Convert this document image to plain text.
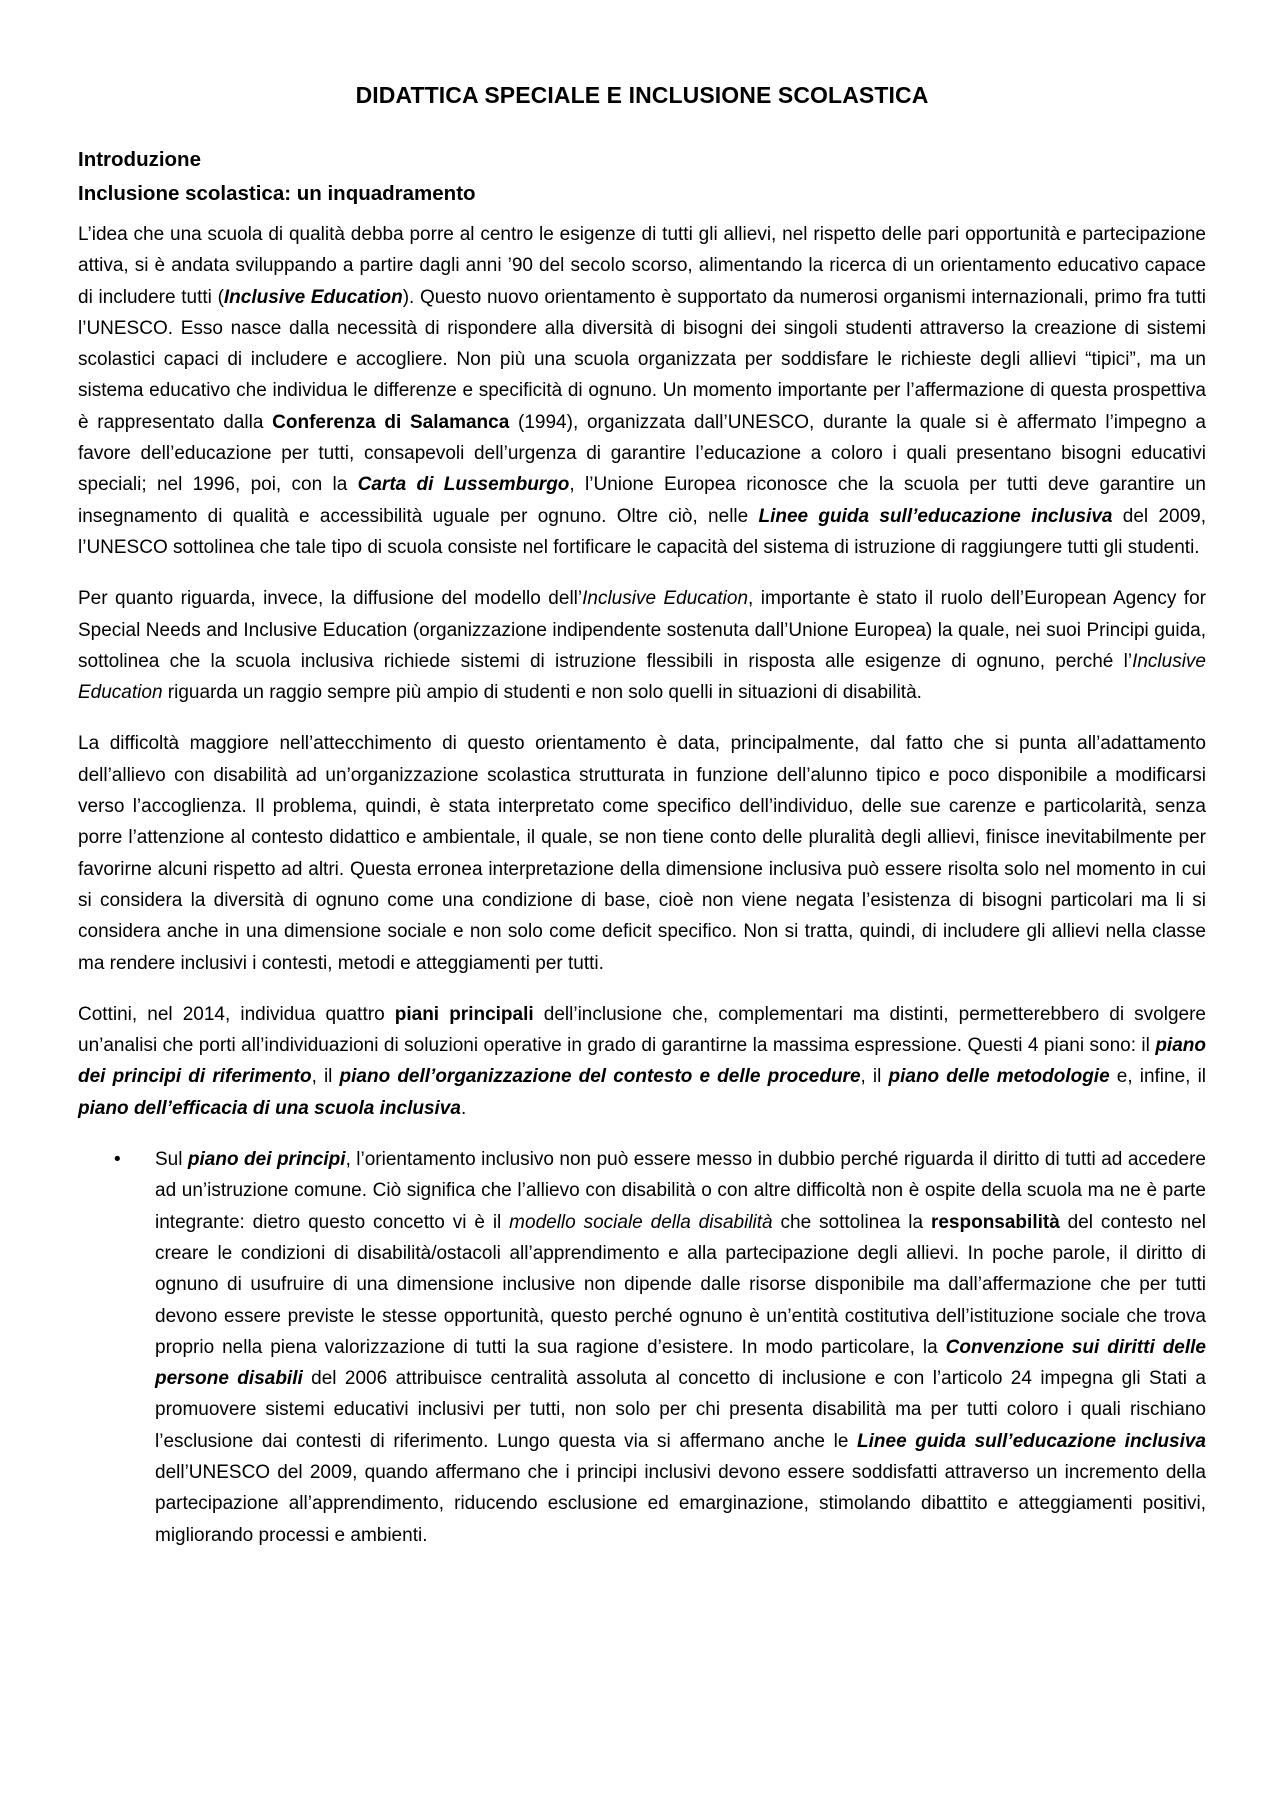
DIDATTICA SPECIALE E INCLUSIONE SCOLASTICA

Introduzione

Inclusione scolastica: un inquadramento

L’idea che una scuola di qualità debba porre al centro le esigenze di tutti gli allievi, nel rispetto delle pari opportunità e partecipazione attiva, si è andata sviluppando a partire dagli anni ’90 del secolo scorso, alimentando la ricerca di un orientamento educativo capace di includere tutti (Inclusive Education). Questo nuovo orientamento è supportato da numerosi organismi internazionali, primo fra tutti l’UNESCO. Esso nasce dalla necessità di rispondere alla diversità di bisogni dei singoli studenti attraverso la creazione di sistemi scolastici capaci di includere e accogliere. Non più una scuola organizzata per soddisfare le richieste degli allievi “tipici”, ma un sistema educativo che individua le differenze e specificità di ognuno. Un momento importante per l’affermazione di questa prospettiva è rappresentato dalla Conferenza di Salamanca (1994), organizzata dall’UNESCO, durante la quale si è affermato l’impegno a favore dell’educazione per tutti, consapevoli dell’urgenza di garantire l’educazione a coloro i quali presentano bisogni educativi speciali; nel 1996, poi, con la Carta di Lussemburgo, l’Unione Europea riconosce che la scuola per tutti deve garantire un insegnamento di qualità e accessibilità uguale per ognuno. Oltre ciò, nelle Linee guida sull’educazione inclusiva del 2009, l’UNESCO sottolinea che tale tipo di scuola consiste nel fortificare le capacità del sistema di istruzione di raggiungere tutti gli studenti.

Per quanto riguarda, invece, la diffusione del modello dell’Inclusive Education, importante è stato il ruolo dell’European Agency for Special Needs and Inclusive Education (organizzazione indipendente sostenuta dall’Unione Europea) la quale, nei suoi Principi guida, sottolinea che la scuola inclusiva richiede sistemi di istruzione flessibili in risposta alle esigenze di ognuno, perché l’Inclusive Education riguarda un raggio sempre più ampio di studenti e non solo quelli in situazioni di disabilità.

La difficoltà maggiore nell’attecchimento di questo orientamento è data, principalmente, dal fatto che si punta all’adattamento dell’allievo con disabilità ad un’organizzazione scolastica strutturata in funzione dell’alunno tipico e poco disponibile a modificarsi verso l’accoglienza. Il problema, quindi, è stata interpretato come specifico dell’individuo, delle sue carenze e particolarità, senza porre l’attenzione al contesto didattico e ambientale, il quale, se non tiene conto delle pluralità degli allievi, finisce inevitabilmente per favorirne alcuni rispetto ad altri. Questa erronea interpretazione della dimensione inclusiva può essere risolta solo nel momento in cui si considera la diversità di ognuno come una condizione di base, cioè non viene negata l’esistenza di bisogni particolari ma li si considera anche in una dimensione sociale e non solo come deficit specifico. Non si tratta, quindi, di includere gli allievi nella classe ma rendere inclusivi i contesti, metodi e atteggiamenti per tutti.

Cottini, nel 2014, individua quattro piani principali dell’inclusione che, complementari ma distinti, permetterebbero di svolgere un’analisi che porti all’individuazioni di soluzioni operative in grado di garantirne la massima espressione. Questi 4 piani sono: il piano dei principi di riferimento, il piano dell’organizzazione del contesto e delle procedure, il piano delle metodologie e, infine, il piano dell’efficacia di una scuola inclusiva.

• Sul piano dei principi, l’orientamento inclusivo non può essere messo in dubbio perché riguarda il diritto di tutti ad accedere ad un’istruzione comune. Ciò significa che l’allievo con disabilità o con altre difficoltà non è ospite della scuola ma ne è parte integrante: dietro questo concetto vi è il modello sociale della disabilità che sottolinea la responsabilità del contesto nel creare le condizioni di disabilità/ostacoli all’apprendimento e alla partecipazione degli allievi. In poche parole, il diritto di ognuno di usufruire di una dimensione inclusive non dipende dalle risorse disponibile ma dall’affermazione che per tutti devono essere previste le stesse opportunità, questo perché ognuno è un’entità costitutiva dell’istituzione sociale che trova proprio nella piena valorizzazione di tutti la sua ragione d’esistere. In modo particolare, la Convenzione sui diritti delle persone disabili del 2006 attribuisce centralità assoluta al concetto di inclusione e con l’articolo 24 impegna gli Stati a promuovere sistemi educativi inclusivi per tutti, non solo per chi presenta disabilità ma per tutti coloro i quali rischiano l’esclusione dai contesti di riferimento. Lungo questa via si affermano anche le Linee guida sull’educazione inclusiva dell’UNESCO del 2009, quando affermano che i principi inclusivi devono essere soddisfatti attraverso un incremento della partecipazione all’apprendimento, riducendo esclusione ed emarginazione, stimolando dibattito e atteggiamenti positivi, migliorando processi e ambienti.
